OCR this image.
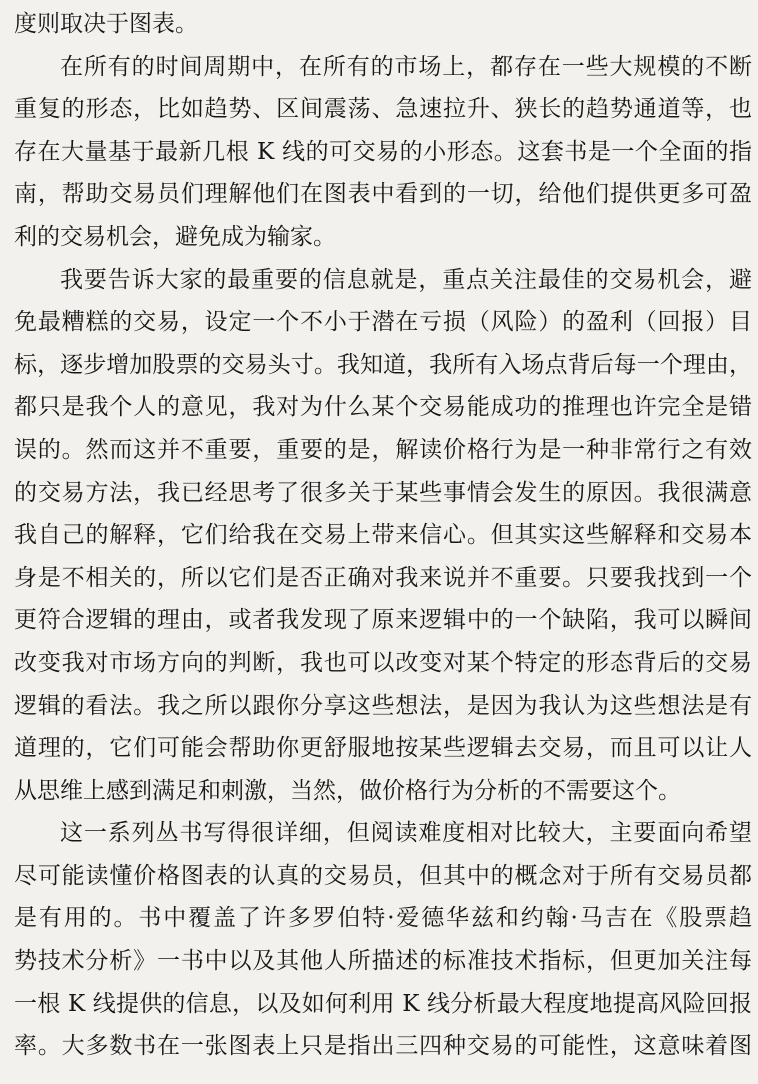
度则取决于图表。
在所有的时间周期中，在所有的市场上，都存在一些大规模的不断
重复的形态，比如趋势、区间震荡、急速拉升、狭长的趋势通道等，也
存在大量基于最新几根 K 线的可交易的小形态。这套书是一个全面的指
南，帮助交易员们理解他们在图表中看到的一切，给他们提供更多可盈
利的交易机会，避免成为输家。
我要告诉大家的最重要的信息就是，重点关注最佳的交易机会，避
免最糟糕的交易，设定一个不小于潜在亏损（风险）的盈利（回报）目
标，逐步增加股票的交易头寸。我知道，我所有入场点背后每一个理由，
都只是我个人的意见，我对为什么某个交易能成功的推理也许完全是错
误的。然而这并不重要，重要的是，解读价格行为是一种非常行之有效
的交易方法，我已经思考了很多关于某些事情会发生的原因。我很满意
我自己的解释，它们给我在交易上带来信心。但其实这些解释和交易本
身是不相关的，所以它们是否正确对我来说并不重要。只要我找到一个
更符合逻辑的理由，或者我发现了原来逻辑中的一个缺陷，我可以瞬间
改变我对市场方向的判断，我也可以改变对某个特定的形态背后的交易
逻辑的看法。我之所以跟你分享这些想法，是因为我认为这些想法是有
道理的，它们可能会帮助你更舒服地按某些逻辑去交易，而且可以让人
从思维上感到满足和刺激，当然，做价格行为分析的不需要这个。
这一系列丛书写得很详细，但阅读难度相对比较大，主要面向希望
尽可能读懂价格图表的认真的交易员，但其中的概念对于所有交易员都
是有用的。书中覆盖了许多罗伯特·爱德华兹和约翰·马吉在《股票趋
势技术分析》一书中以及其他人所描述的标准技术指标，但更加关注每
一根 K 线提供的信息，以及如何利用 K 线分析最大程度地提高风险回报
率。大多数书在一张图表上只是指出三四种交易的可能性，这意味着图
